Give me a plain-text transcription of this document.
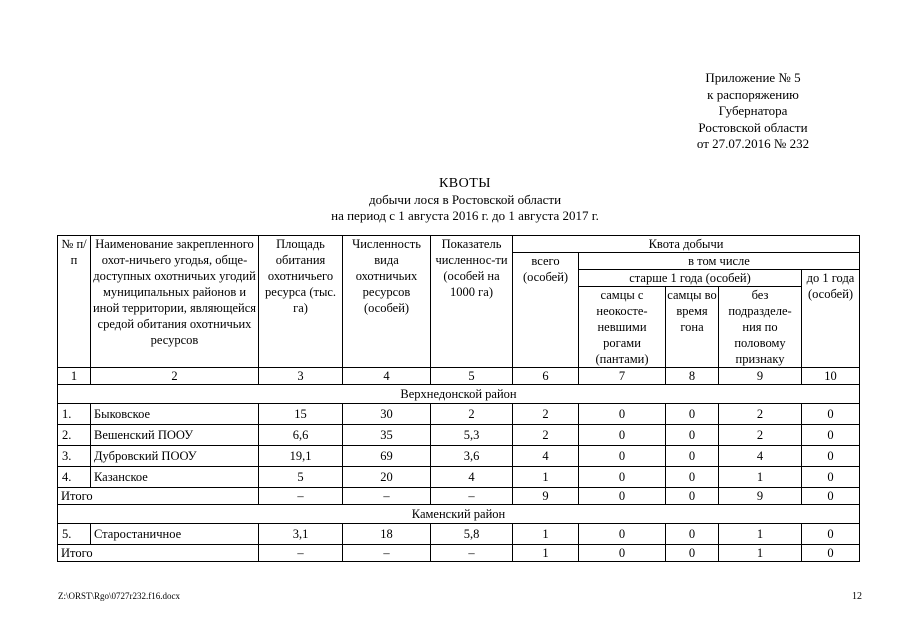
Приложение № 5
к распоряжению
Губернатора
Ростовской области
от 27.07.2016 № 232
КВОТЫ
добычи лося в Ростовской области
на период с 1 августа 2016 г. до 1 августа 2017 г.
№ п/п	Наименование закрепленного охот-ничьего угодья, обще-доступных охотничьих угодий муниципальных районов и иной территории, являющейся средой обитания охотничьих ресурсов	Площадь обитания охотничьего ресурса (тыс. га)	Численность вида охотничьих ресурсов (особей)	Показатель численнос-ти (особей на 1000 га)	Квота добычи				
					всего (особей)	в том числе			
						старше 1 года (особей)			до 1 года (особей)
						самцы с неокосте-невшими рогами (пантами)	самцы во время гона	без подразделе-ния по половому признаку	
1	2	3	4	5	6	7	8	9	10
Верхнедонской район									
1.	Быковское	15	30	2	2	0	0	2	0
2.	Вешенский ПООУ	6,6	35	5,3	2	0	0	2	0
3.	Дубровский ПООУ	19,1	69	3,6	4	0	0	4	0
4.	Казанское	5	20	4	1	0	0	1	0
Итого		–	–	–	9	0	0	9	0
Каменский район									
5.	Старостаничное	3,1	18	5,8	1	0	0	1	0
Итого		–	–	–	1	0	0	1	0
Z:\ORST\Rgo\0727r232.f16.docx	12
